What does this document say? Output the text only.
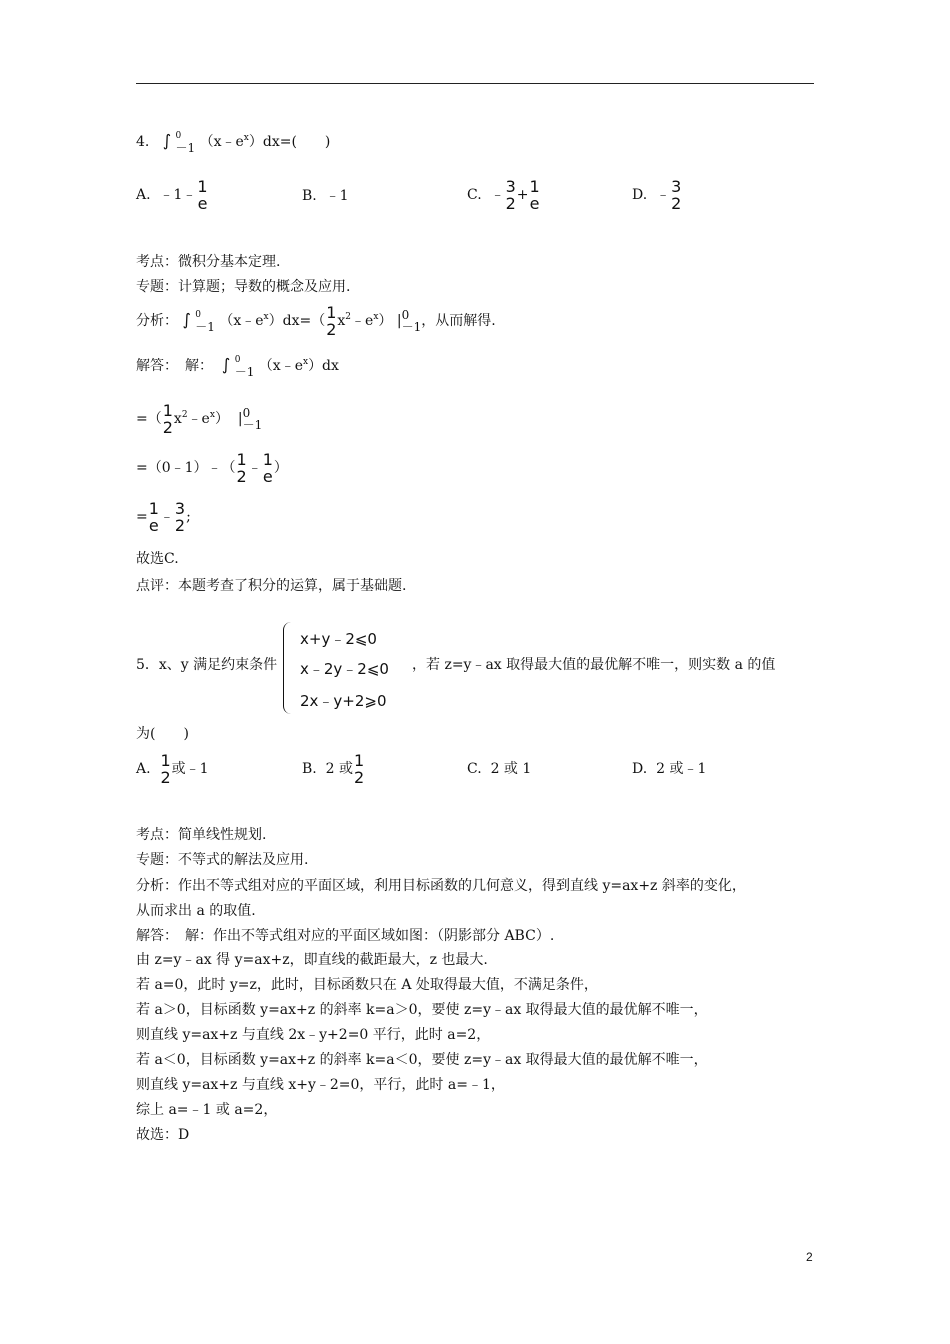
4. ∫ 0
－1 $(x﹣e^x)dx=$(　　)
A. ﹣1﹣ 1
e	B. ﹣1	C. ﹣ 3
2 + 1
e	D. ﹣ 3
2
考点：微积分基本定理.
专题：计算题；导数的概念及应用.
分析： ∫ 0
－1 $(x﹣e^x)dx=$（ 1
2 $x^2﹣e^x$） | 0
－1 ，从而解得.
解答：　解： ∫ 0
－1 $(x﹣e^x)dx$
=（ 1
2 $x^2﹣e^x$） | 0
－1
=（0﹣1）﹣（ 1
2 ﹣ 1
e ）
= 1
e ﹣ 3
2 ;
故选C.
点评：本题考查了积分的运算，属于基础题.
5．x、y 满足约束条件
x+y﹣2⩽0
x﹣2y﹣2⩽0
2x﹣y+2⩾0
，若 z=y﹣ax 取得最大值的最优解不唯一，则实数 a 的值
为(　　)
A. 1
2 或﹣1	B. 2 或 1
2	C. 2 或 1	D. 2 或﹣1
考点：简单线性规划.
专题：不等式的解法及应用.
分析：作出不等式组对应的平面区域，利用目标函数的几何意义，得到直线 y=ax+z 斜率的变化，
从而求出 a 的取值.
解答：　解：作出不等式组对应的平面区域如图：（阴影部分 ABC）.
由 z=y﹣ax 得 y=ax+z，即直线的截距最大，z 也最大.
若 a=0，此时 y=z，此时，目标函数只在 A 处取得最大值，不满足条件，
若 a＞0，目标函数 y=ax+z 的斜率 k=a＞0，要使 z=y﹣ax 取得最大值的最优解不唯一，
则直线 y=ax+z 与直线 2x﹣y+2=0 平行，此时 a=2，
若 a＜0，目标函数 y=ax+z 的斜率 k=a＜0，要使 z=y﹣ax 取得最大值的最优解不唯一，
则直线 y=ax+z 与直线 x+y﹣2=0，平行，此时 a=﹣1，
综上 a=﹣1 或 a=2，
故选：D
2
